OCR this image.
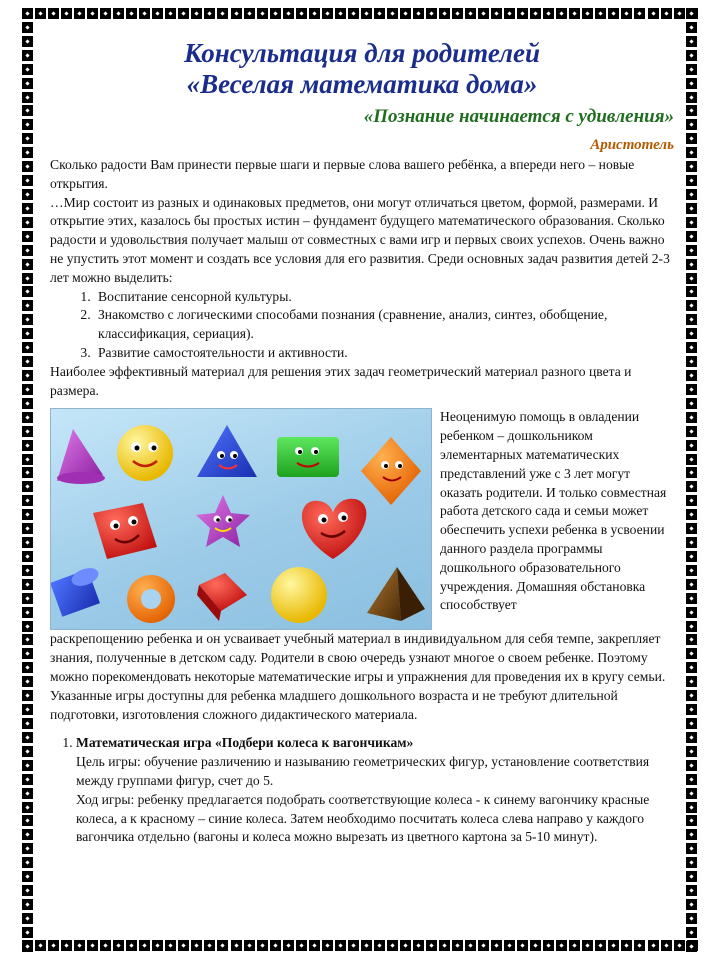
Консультация для родителей
«Веселая математика дома»
«Познание начинается с удивления»
Аристотель

Сколько радости Вам принести первые шаги и первые слова вашего ребёнка, а впереди него – новые открытия.

…Мир состоит из разных и одинаковых предметов, они могут отличаться цветом, формой, размерами. И открытие этих, казалось бы простых истин – фундамент будущего математического образования. Сколько радости и удовольствия получает малыш от совместных с вами игр и первых своих успехов. Очень важно не упустить этот момент и создать все условия для его развития. Среди основных задач развития детей 2-3 лет можно выделить:

1. Воспитание сенсорной культуры.
2. Знакомство с логическими способами познания (сравнение, анализ, синтез, обобщение, классификация, сериация).
3. Развитие самостоятельности и активности.

Наиболее эффективный материал для решения этих задач геометрический материал разного цвета и размера.

Неоценимую помощь в овладении ребенком – дошкольником элементарных математических представлений уже с 3 лет могут оказать родители. И только совместная работа детского сада и семьи может обеспечить успехи ребенка в усвоении данного раздела программы дошкольного образовательного учреждения. Домашняя обстановка способствует
раскрепощению ребенка и он усваивает учебный материал в индивидуальном для себя темпе, закрепляет знания, полученные в детском саду. Родители в свою очередь узнают многое о своем ребенке. Поэтому можно порекомендовать некоторые математические игры и упражнения для проведения их в кругу семьи. Указанные игры доступны для ребенка младшего дошкольного возраста и не требуют длительной подготовки, изготовления сложного дидактического материала.
1. Математическая игра «Подбери колеса к вагончикам»
Цель игры: обучение различению и называнию геометрических фигур, установление соответствия между группами фигур, счет до 5.
Ход игры: ребенку предлагается подобрать соответствующие колеса - к синему вагончику красные колеса, а к красному – синие колеса. Затем необходимо посчитать колеса слева направо у каждого вагончика отдельно (вагоны и колеса можно вырезать из цветного картона за 5-10 минут).
